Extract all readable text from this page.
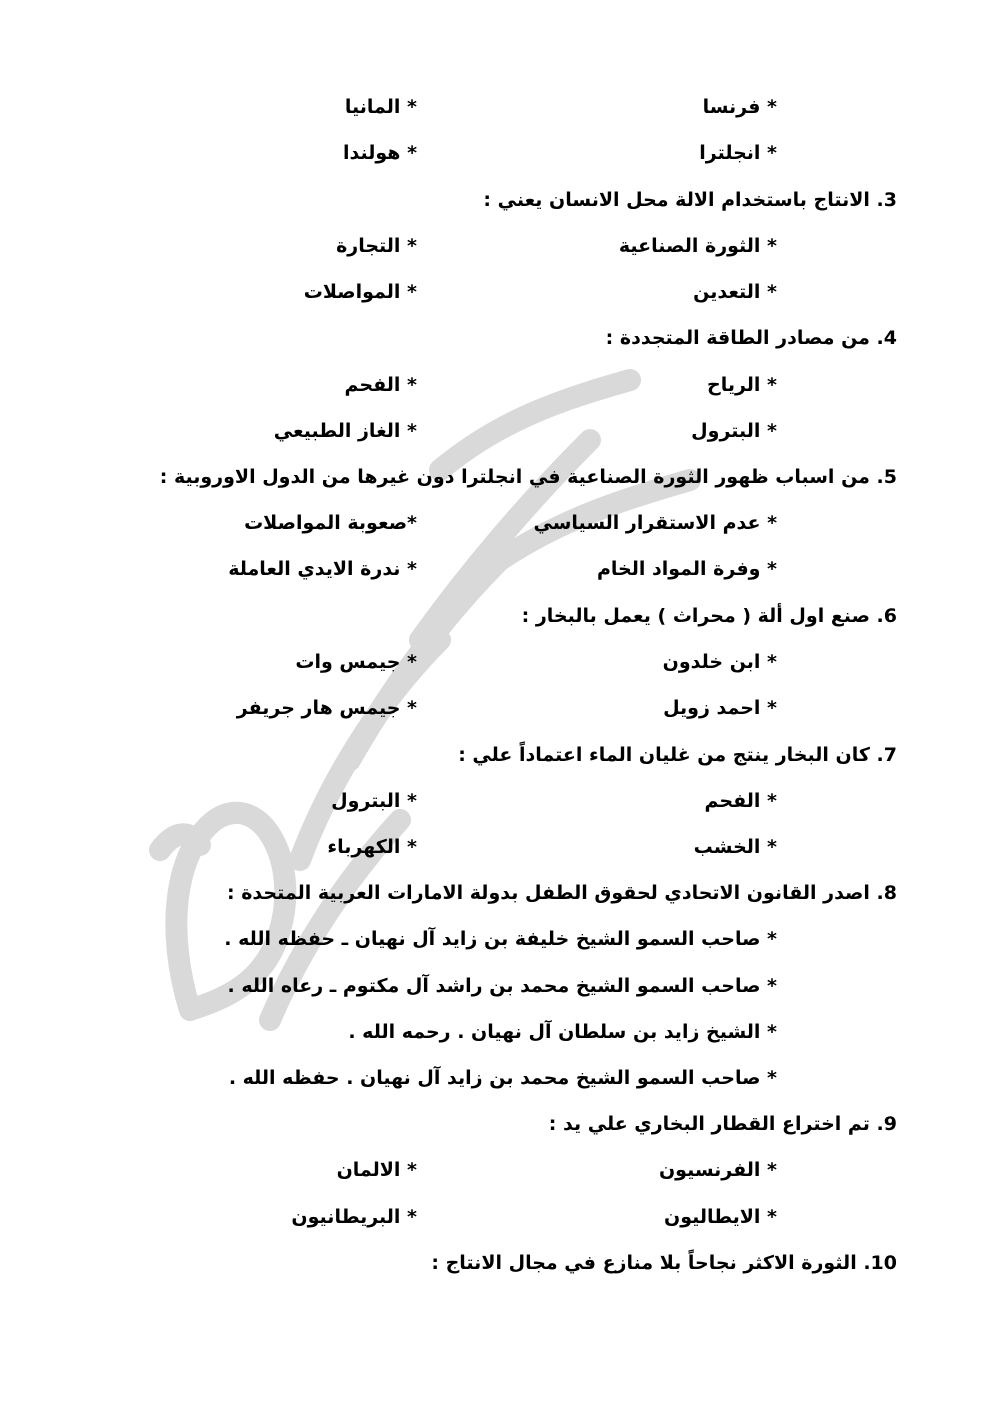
* فرنسا
* المانيا
* انجلترا
* هولندا
3. الانتاج باستخدام الالة محل الانسان يعني :
* الثورة الصناعية
* التجارة
* التعدين
* المواصلات
4. من مصادر الطاقة المتجددة :
* الرياح
* الفحم
* البترول
* الغاز الطبيعي
5. من اسباب ظهور الثورة الصناعية في انجلترا دون غيرها من الدول الاوروبية :
* عدم الاستقرار السياسي
*صعوبة المواصلات
* وفرة المواد الخام
* ندرة الايدي العاملة
6. صنع اول ألة ( محراث ) يعمل بالبخار :
* ابن خلدون
* جيمس وات
* احمد زويل
* جيمس هار جريفر
7. كان البخار ينتج من غليان الماء اعتماداً علي :
* الفحم
* البترول
* الخشب
* الكهرباء
8. اصدر القانون الاتحادي لحقوق الطفل بدولة الامارات العربية المتحدة :
* صاحب السمو الشيخ خليفة بن زايد آل نهيان ـ حفظه الله .
* صاحب السمو الشيخ محمد بن راشد آل مكتوم ـ رعاه الله .
* الشيخ زايد بن سلطان آل نهيان . رحمه الله .
* صاحب السمو الشيخ محمد بن زايد آل نهيان . حفظه الله .
9. تم اختراع القطار البخاري علي يد :
* الفرنسيون
* الالمان
* الايطاليون
* البريطانيون
10. الثورة الاكثر نجاحاً بلا منازع في مجال الانتاج :
